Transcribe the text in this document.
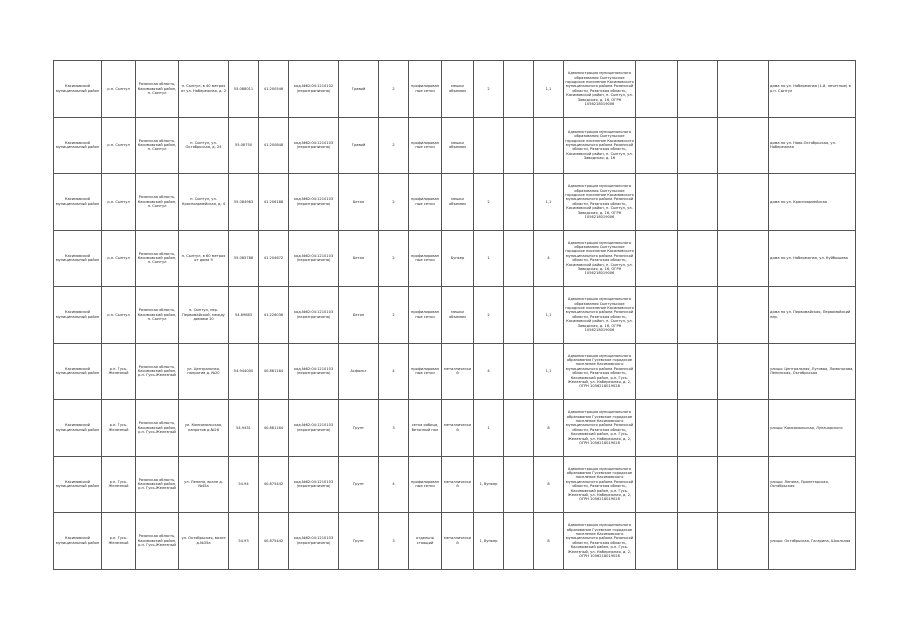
Касимовский муниципальный район	р.п. Сынтул	Рязанская область, Касимовский район, п. Сынтул	п. Сынтул, в 40 метрах от ул. Набережная, д. 2	55.088011	41.200546	кад.№62:04:1210102 (неразграничена)	Гравий	2	профилированные сетки	мешки объемом	2		1,1	Администрация муниципального образования Сынтульское городское поселение Касимовского муниципального района Рязанской области, Рязанская область, Касимовский район, п. Сынтул, ул. Заводская, д. 16, ОГРН 1056218019006				дома по ул. Набережная (1-й, нечетные) в р.п. Сынтул
Касимовский муниципальный район	р.п. Сынтул	Рязанская область, Касимовский район, п. Сынтул	п. Сынтул, ул. Октябрьская, д. 24	55.08750	41.200848	кад.№62:04:1210103 (неразграничена)	Гравий	2	профилированные сетки	мешки объемом				Администрация муниципального образования Сынтульское городское поселение Касимовского муниципального района Рязанской области, Рязанская область, Касимовский район, п. Сынтул, ул. Заводская, д. 16				дома по ул. Ново-Октябрьская, ул. Набережная
Касимовский муниципальный район	р.п. Сынтул	Рязанская область, Касимовский район, п. Сынтул	п. Сынтул, ул. Красноармейская, д. 4	55.084983	41.206188	кад.№62:04:1210103 (неразграничена)	Бетон	2	профилированные сетки	мешки объемом	2		1,1	Администрация муниципального образования Сынтульское городское поселение Касимовского муниципального района Рязанской области, Рязанская область, Касимовский район, п. Сынтул, ул. Заводская, д. 16, ОГРН 1056218019006				дома по ул. Красноармейская
Касимовский муниципальный район	р.п. Сынтул	Рязанская область, Касимовский район, п. Сынтул	п. Сынтул, в 60 метрах от дома 9	55.085788	41.204672	кад.№62:04:1210103 (неразграничена)	Бетон	2	профилированные сетки	Бункер	1		4	Администрация муниципального образования Сынтульское городское поселение Касимовского муниципального района Рязанской области, Рязанская область, Касимовский район, п. Сынтул, ул. Заводская, д. 16, ОГРН 1056218019006				дома по ул. Набережная, ул. Куйбышева
Касимовский муниципальный район	р.п. Сынтул	Рязанская область, Касимовский район, п. Сынтул	п. Сынтул, пер. Первомайский, между домами 10	54.89683	41.226036	кад.№62:04:1210103 (неразграничена)	Бетон	2	профилированные сетки	мешки объемом	2		1,1	Администрация муниципального образования Сынтульское городское поселение Касимовского муниципального района Рязанской области, Рязанская область, Касимовский район, п. Сынтул, ул. Заводская, д. 16, ОГРН 1056218019006				дома по ул. Первомайская, Первомайский пер.
Касимовский муниципальный район	р.п. Гусь-Железный	Рязанская область, Касимовский район, р.п. Гусь-Железный	ул. Центральная, напротив д. №20	54.944000	40.881164	кад.№62:04:1210103 (неразграничена)	Асфальт	4	профилированные сетки	металлический	4		1,1	Администрация муниципального образования Гусевское городское поселение Касимовского муниципального района Рязанской области, Рязанская область, Касимовский район, р.п. Гусь-Железный, ул. Набережная, д. 2, ОГРН 1056218019028				улицы: Центральная, Луговая, Ломоносова, Ленинская, Октябрьская
Касимовский муниципальный район	р.п. Гусь-Железный	Рязанская область, Касимовский район, р.п. Гусь-Железный	ул. Комсомольская, напротив д.№26	54.9431	40.881164	кад.№62:04:1210103 (неразграничена)	Грунт	3	сетка рабица, бетонный пол	металлический	1		8	Администрация муниципального образования Гусевское городское поселение Касимовского муниципального района Рязанской области, Рязанская область, Касимовский район, р.п. Гусь-Железный, ул. Набережная, д. 2, ОГРН 1056218019028				улицы: Комсомольская, Луначарского
Касимовский муниципальный район	р.п. Гусь-Железный	Рязанская область, Касимовский район, р.п. Гусь-Железный	ул. Ленина, возле д.№45а	54.94	40.875442	кад.№62:04:1210103 (неразграничена)	Грунт	4	профилированные сетки	металлический	1, бункер		8	Администрация муниципального образования Гусевское городское поселение Касимовского муниципального района Рязанской области, Рязанская область, Касимовский район, р.п. Гусь-Железный, ул. Набережная, д. 2, ОГРН 1056218019028				улицы: Ленина, Пролетарская, Октябрьская
Касимовский муниципальный район	р.п. Гусь-Железный	Рязанская область, Касимовский район, р.п. Гусь-Железный	ул. Октябрьская, возле д.№35а	54.93	40.875442	кад.№62:04:1210103 (неразграничена)	Грунт	3	отдельно стоящий	металлический	1, бункер		8	Администрация муниципального образования Гусевское городское поселение Касимовского муниципального района Рязанской области, Рязанская область, Касимовский район, р.п. Гусь-Железный, ул. Набережная, д. 2, ОГРН 1056218019028				улицы: Октябрьская, Гагарина, Школьная
